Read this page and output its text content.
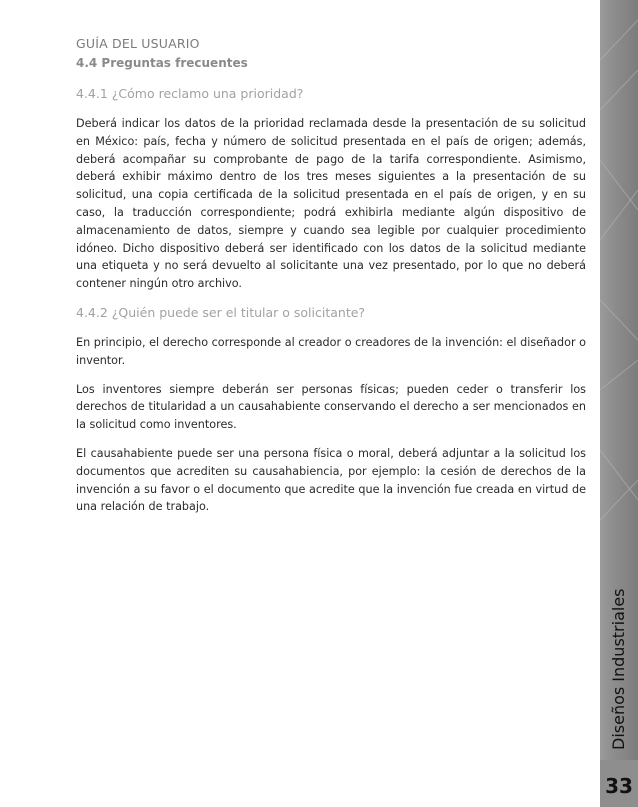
GUÍA DEL USUARIO

4.4 Preguntas frecuentes

4.4.1 ¿Cómo reclamo una prioridad?

Deberá indicar los datos de la prioridad reclamada desde la presentación de su solicitud en México: país, fecha y número de solicitud presentada en el país de origen; además, deberá acompañar su comprobante de pago de la tarifa correspondiente. Asimismo, deberá exhibir máximo dentro de los tres meses siguientes a la presentación de su solicitud, una copia certificada de la solicitud presentada en el país de origen, y en su caso, la traducción correspondiente; podrá exhibirla mediante algún dispositivo de almacenamiento de datos, siempre y cuando sea legible por cualquier procedimiento idóneo. Dicho dispositivo deberá ser identificado con los datos de la solicitud mediante una etiqueta y no será devuelto al solicitante una vez presentado, por lo que no deberá contener ningún otro archivo.

4.4.2 ¿Quién puede ser el titular o solicitante?

En principio, el derecho corresponde al creador o creadores de la invención: el diseñador o inventor.

Los inventores siempre deberán ser personas físicas; pueden ceder o transferir los derechos de titularidad a un causahabiente conservando el derecho a ser mencionados en la solicitud como inventores.

El causahabiente puede ser una persona física o moral, deberá adjuntar a la solicitud los documentos que acrediten su causahabiencia, por ejemplo: la cesión de derechos de la invención a su favor o el documento que acredite que la invención fue creada en virtud de una relación de trabajo.

Diseños Industriales
33
